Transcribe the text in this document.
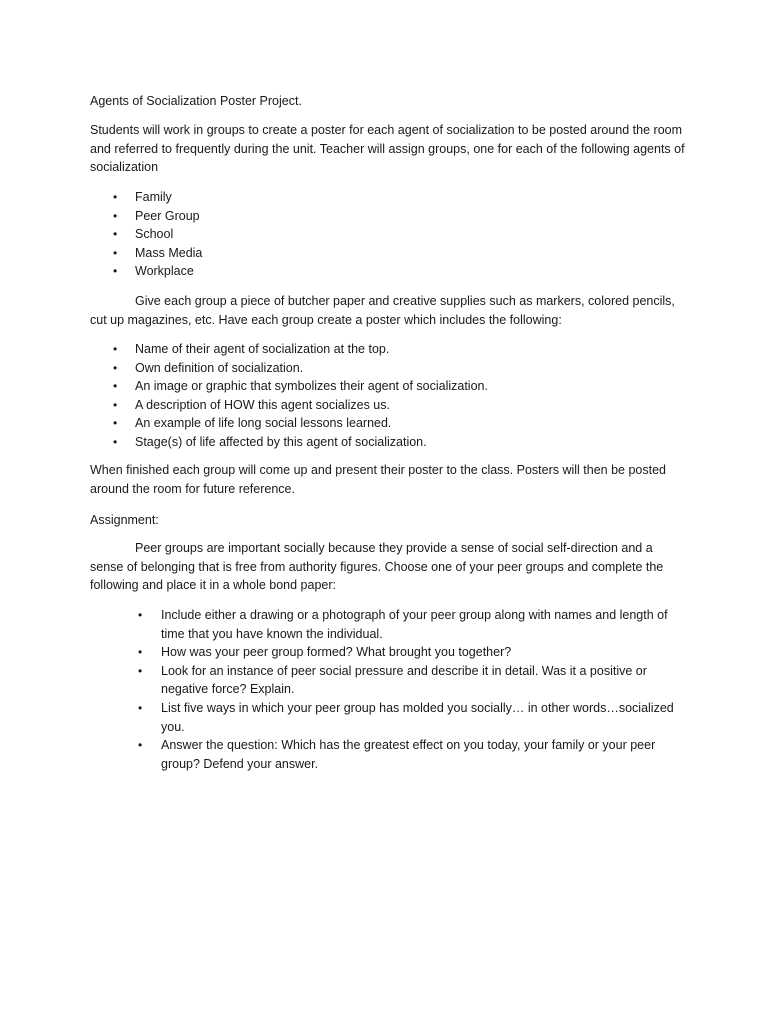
Agents of Socialization Poster Project.

Students will work in groups to create a poster for each agent of socialization to be posted around the room and referred to frequently during the unit. Teacher will assign groups, one for each of the following agents of socialization

• Family
• Peer Group
• School
• Mass Media
• Workplace

Give each group a piece of butcher paper and creative supplies such as markers, colored pencils, cut up magazines, etc. Have each group create a poster which includes the following:

• Name of their agent of socialization at the top.
• Own definition of socialization.
• An image or graphic that symbolizes their agent of socialization.
• A description of HOW this agent socializes us.
• An example of life long social lessons learned.
• Stage(s) of life affected by this agent of socialization.

When finished each group will come up and present their poster to the class. Posters will then be posted around the room for future reference.

Assignment:

Peer groups are important socially because they provide a sense of social self-direction and a sense of belonging that is free from authority figures. Choose one of your peer groups and complete the following and place it in a whole bond paper:

• Include either a drawing or a photograph of your peer group along with names and length of time that you have known the individual.
• How was your peer group formed? What brought you together?
• Look for an instance of peer social pressure and describe it in detail. Was it a positive or negative force? Explain.
• List five ways in which your peer group has molded you socially… in other words…socialized you.
• Answer the question: Which has the greatest effect on you today, your family or your peer group? Defend your answer.
